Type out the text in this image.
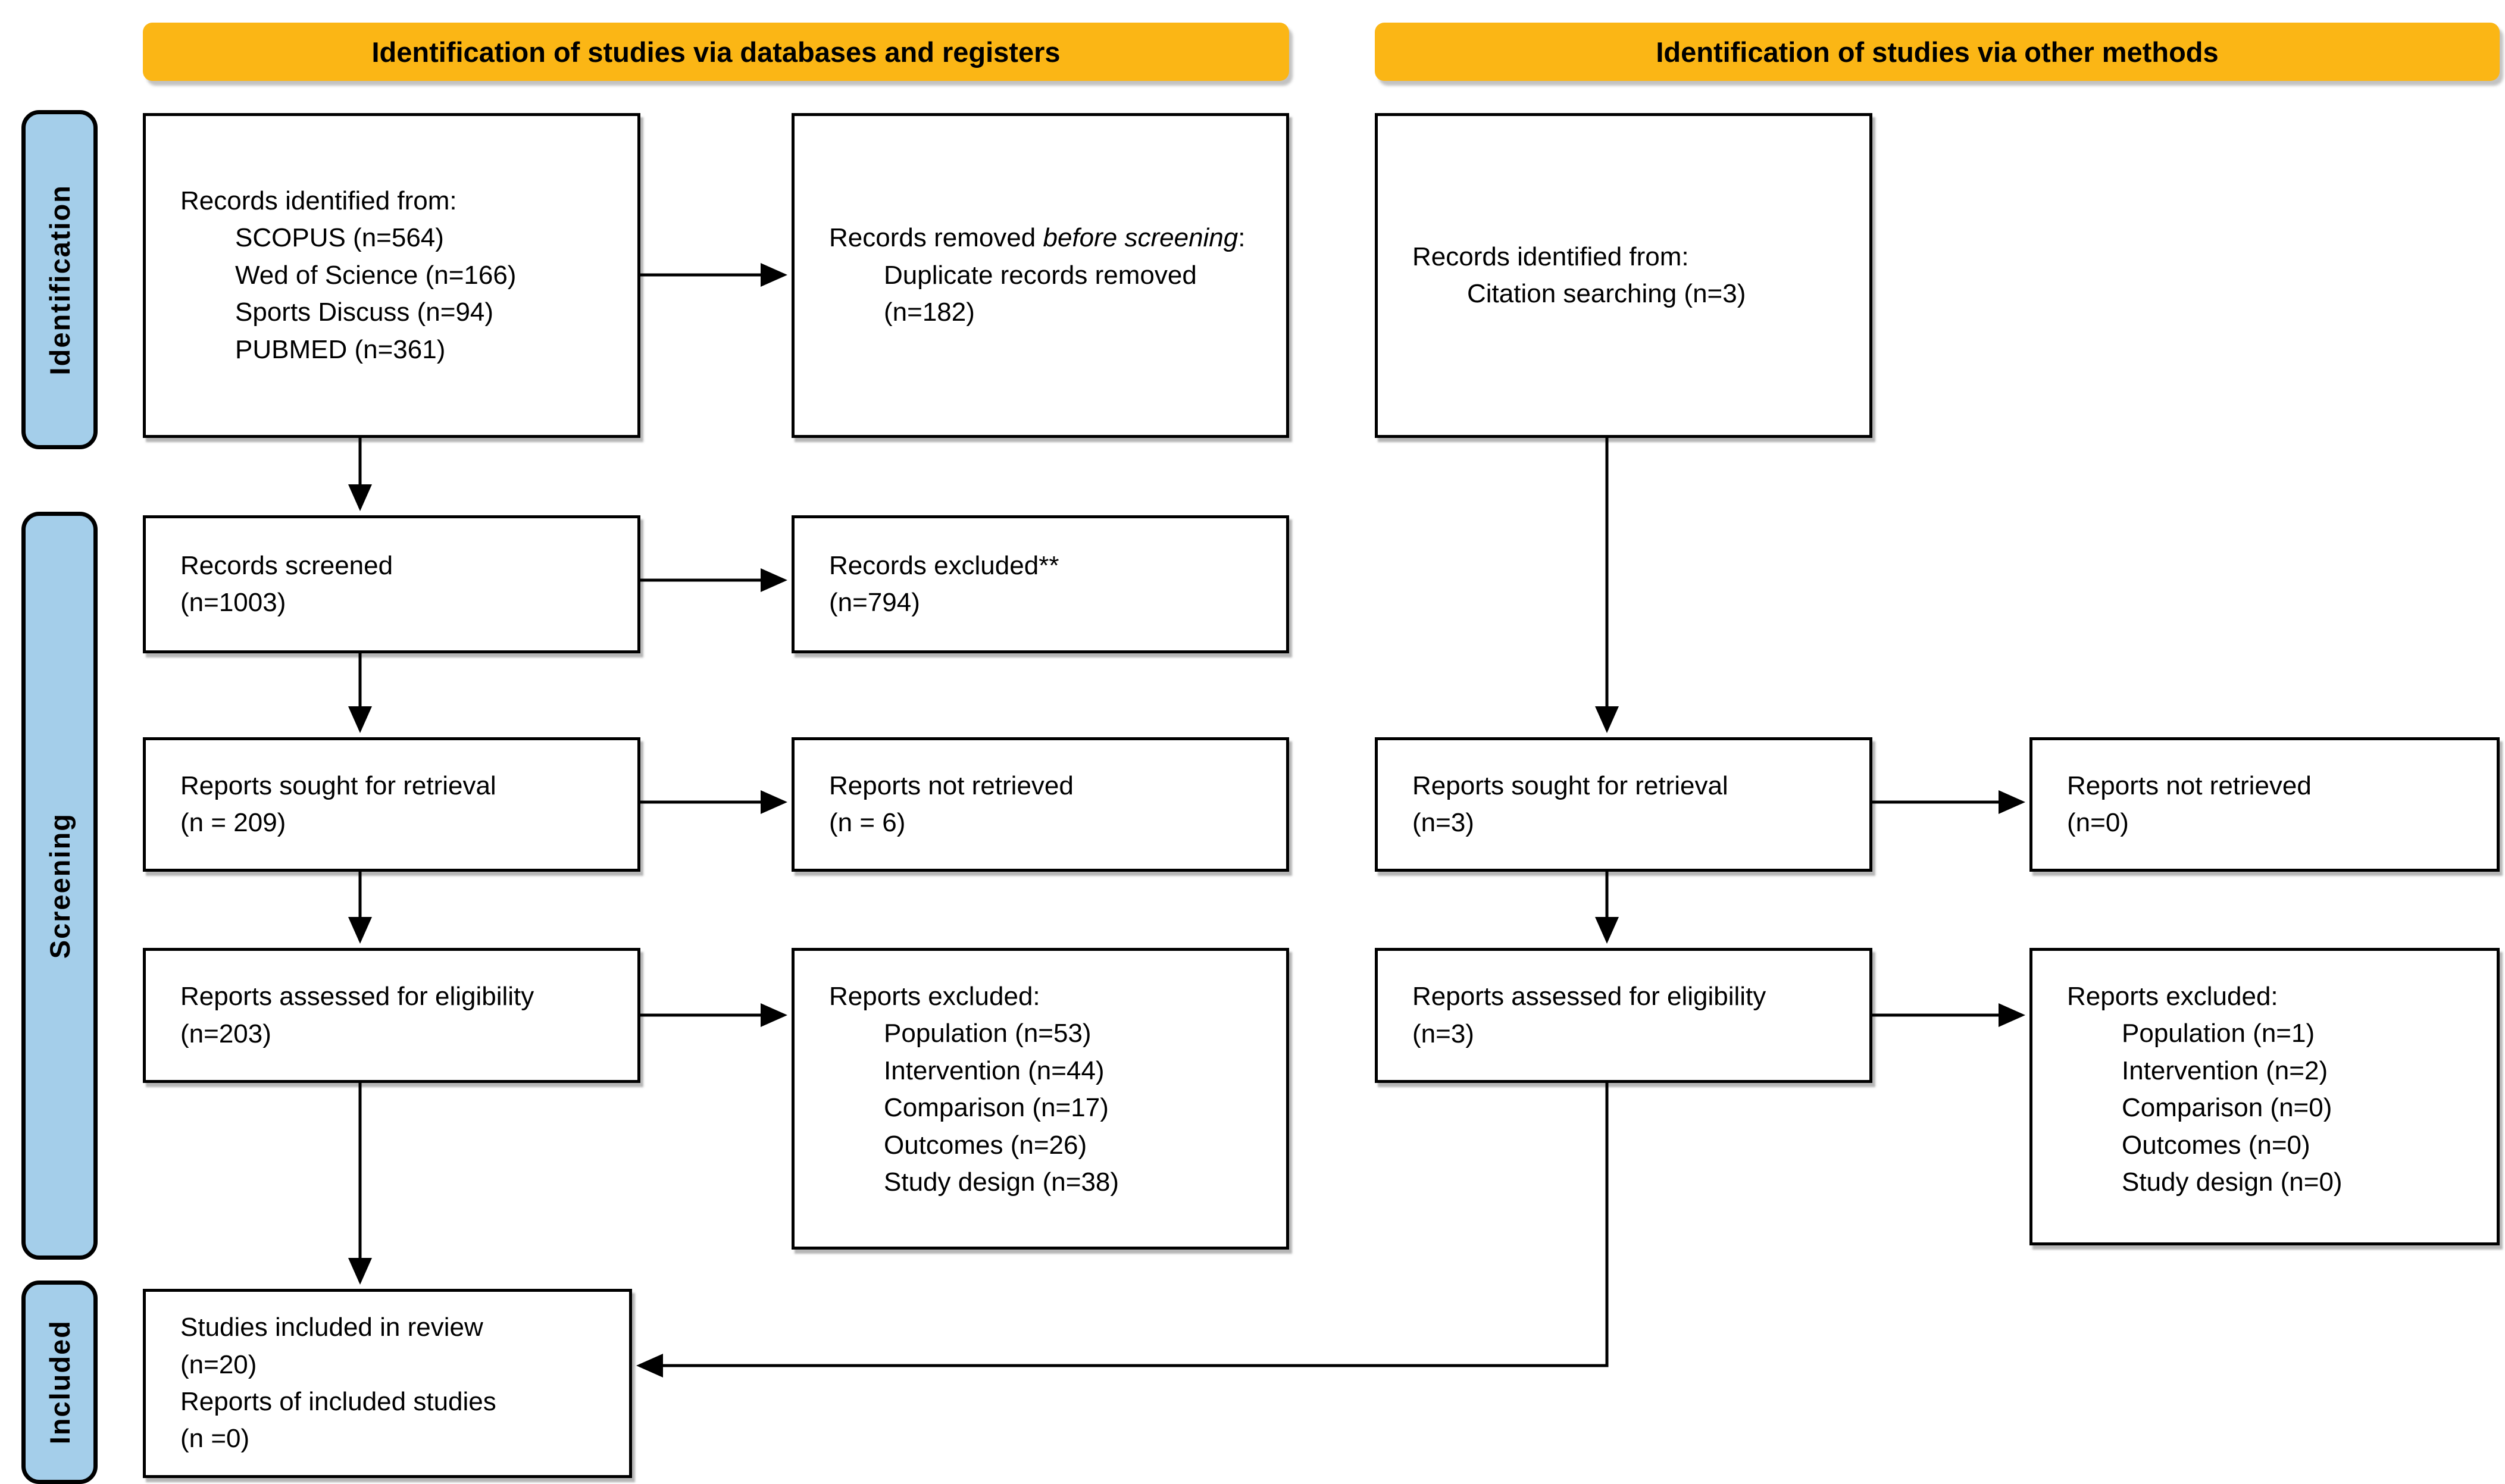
Identification of studies via databases and registers	Identification of studies via other methods
Identification
Screening
Included
Records identified from:
SCOPUS (n=564)
Wed of Science (n=166)
Sports Discuss (n=94)
PUBMED (n=361)
Records removed before screening:
Duplicate records removed
(n=182)
Records identified from:
Citation searching (n=3)
Records screened
(n=1003)
Records excluded**
(n=794)
Reports sought for retrieval
(n = 209)
Reports not retrieved
(n = 6)
Reports sought for retrieval
(n=3)
Reports not retrieved
(n=0)
Reports assessed for eligibility
(n=203)
Reports excluded:
Population (n=53)
Intervention (n=44)
Comparison (n=17)
Outcomes (n=26)
Study design (n=38)
Reports assessed for eligibility
(n=3)
Reports excluded:
Population (n=1)
Intervention (n=2)
Comparison (n=0)
Outcomes (n=0)
Study design (n=0)
Studies included in review
(n=20)
Reports of included studies
(n =0)
